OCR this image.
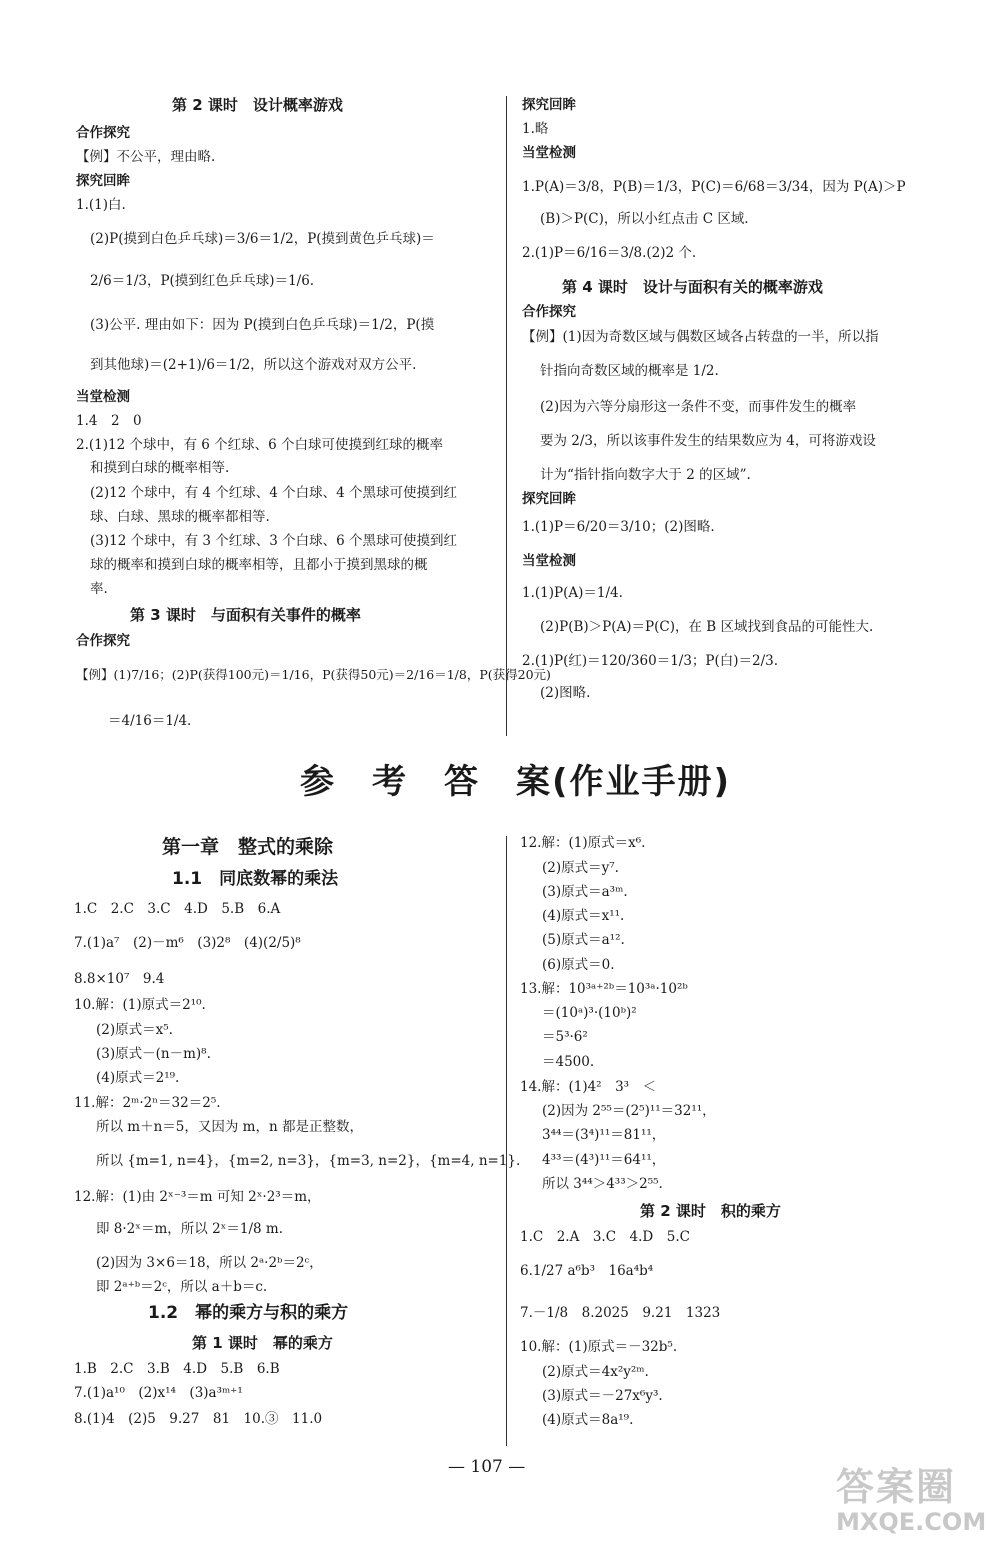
第 2 课时　设计概率游戏
合作探究
【例】不公平，理由略.
探究回眸
1.(1)白.
(2)P(摸到白色乒乓球)＝3/6＝1/2，P(摸到黄色乒乓球)＝
2/6＝1/3，P(摸到红色乒乓球)＝1/6.
(3)公平. 理由如下：因为 P(摸到白色乒乓球)＝1/2，P(摸
到其他球)＝(2+1)/6＝1/2，所以这个游戏对双方公平.
当堂检测
1.4　2　0
2.(1)12 个球中，有 6 个红球、6 个白球可使摸到红球的概率
和摸到白球的概率相等.
(2)12 个球中，有 4 个红球、4 个白球、4 个黑球可使摸到红
球、白球、黑球的概率都相等.
(3)12 个球中，有 3 个红球、3 个白球、6 个黑球可使摸到红
球的概率和摸到白球的概率相等，且都小于摸到黑球的概
率.
第 3 课时　与面积有关事件的概率
合作探究
【例】(1)7/16；(2)P(获得100元)＝1/16，P(获得50元)＝2/16＝1/8，P(获得20元)
＝4/16＝1/4.
探究回眸
1.略
当堂检测
1.P(A)＝3/8，P(B)＝1/3，P(C)＝6/68＝3/34，因为 P(A)＞P
(B)＞P(C)，所以小红点击 C 区域.
2.(1)P＝6/16＝3/8.(2)2 个.
第 4 课时　设计与面积有关的概率游戏
合作探究
【例】(1)因为奇数区域与偶数区域各占转盘的一半，所以指
针指向奇数区域的概率是 1/2.
(2)因为六等分扇形这一条件不变，而事件发生的概率
要为 2/3，所以该事件发生的结果数应为 4，可将游戏设
计为“指针指向数字大于 2 的区域”.
探究回眸
1.(1)P＝6/20＝3/10；(2)图略.
当堂检测
1.(1)P(A)＝1/4.
(2)P(B)＞P(A)＝P(C)，在 B 区域找到食品的可能性大.
2.(1)P(红)＝120/360＝1/3；P(白)＝2/3.
(2)图略.
参　考　答　案(作业手册)
第一章　整式的乘除
1.1　同底数幂的乘法
1.C　2.C　3.C　4.D　5.B　6.A
7.(1)a⁷　(2)－m⁶　(3)2⁸　(4)(2/5)⁸
8.8×10⁷　9.4
10.解：(1)原式＝2¹⁰.
(2)原式＝x⁵.
(3)原式－(n－m)⁸.
(4)原式＝2¹⁹.
11.解：2ᵐ·2ⁿ＝32＝2⁵.
所以 m＋n＝5，又因为 m，n 都是正整数，
所以 {m=1, n=4}，{m=2, n=3}，{m=3, n=2}，{m=4, n=1}.
12.解：(1)由 2ˣ⁻³＝m 可知 2ˣ·2³＝m，
即 8·2ˣ＝m，所以 2ˣ＝1/8 m.
(2)因为 3×6＝18，所以 2ᵃ·2ᵇ＝2ᶜ，
即 2ᵃ⁺ᵇ＝2ᶜ，所以 a＋b＝c.
1.2　幂的乘方与积的乘方
第 1 课时　幂的乘方
1.B　2.C　3.B　4.D　5.B　6.B
7.(1)a¹⁰　(2)x¹⁴　(3)a³ᵐ⁺¹
8.(1)4　(2)5　9.27　81　10.③　11.0
12.解：(1)原式＝x⁶.
(2)原式＝y⁷.
(3)原式＝a³ᵐ.
(4)原式＝x¹¹.
(5)原式＝a¹².
(6)原式＝0.
13.解：10³ᵃ⁺²ᵇ＝10³ᵃ·10²ᵇ
＝(10ᵃ)³·(10ᵇ)²
＝5³·6²
＝4500.
14.解：(1)4²　3³　＜
(2)因为 2⁵⁵＝(2⁵)¹¹＝32¹¹，
3⁴⁴＝(3⁴)¹¹＝81¹¹，
4³³＝(4³)¹¹＝64¹¹，
所以 3⁴⁴＞4³³＞2⁵⁵.
第 2 课时　积的乘方
1.C　2.A　3.C　4.D　5.C
6.1/27 a⁶b³　16a⁴b⁴
7.－1/8　8.2025　9.21　1323
10.解：(1)原式＝－32b⁵.
(2)原式＝4x²y²ᵐ.
(3)原式＝－27x⁶y³.
(4)原式＝8a¹⁹.
— 107 —	答案圈
MXQE.COM
